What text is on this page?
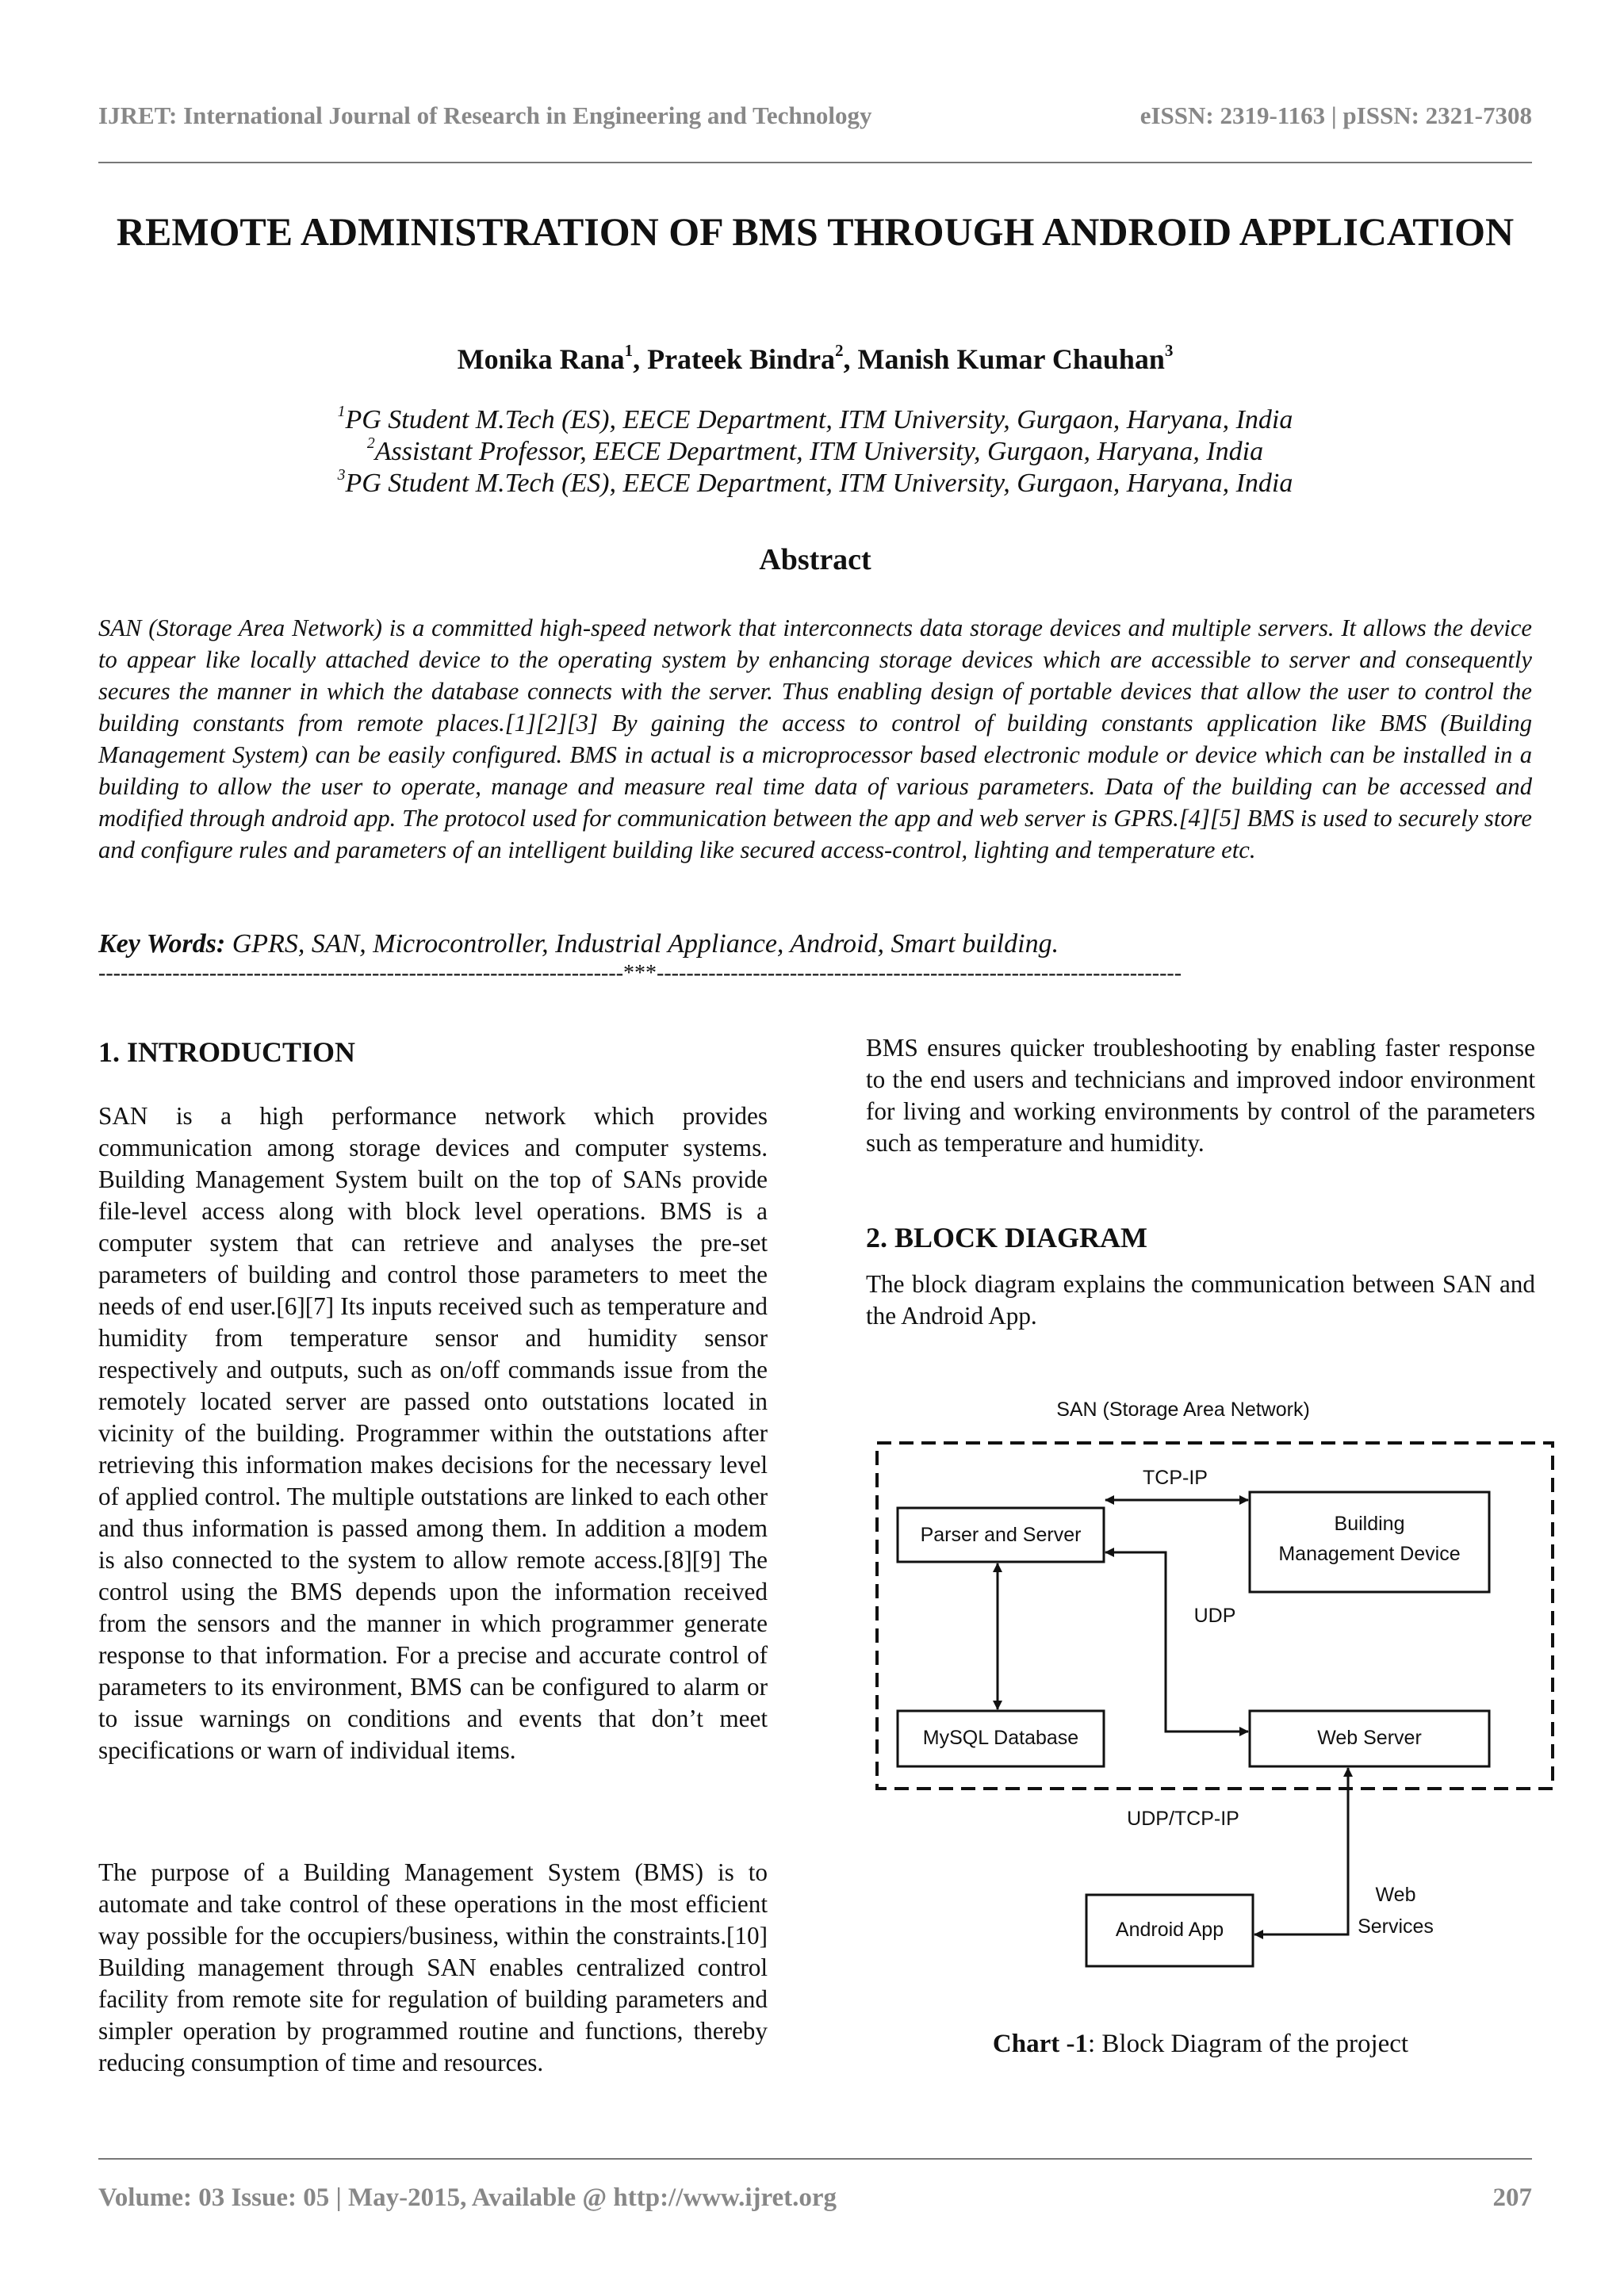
IJRET: International Journal of Research in Engineering and Technology	eISSN: 2319-1163 | pISSN: 2321-7308
REMOTE ADMINISTRATION OF BMS THROUGH ANDROID APPLICATION
Monika Rana$^1$, Prateek Bindra$^2$, Manish Kumar Chauhan$^3$
$^1$PG Student M.Tech (ES), EECE Department, ITM University, Gurgaon, Haryana, India
$^2$Assistant Professor, EECE Department, ITM University, Gurgaon, Haryana, India
$^3$PG Student M.Tech (ES), EECE Department, ITM University, Gurgaon, Haryana, India
Abstract
SAN (Storage Area Network) is a committed high-speed network that interconnects data storage devices and multiple servers. It allows the device to appear like locally attached device to the operating system by enhancing storage devices which are accessible to server and consequently secures the manner in which the database connects with the server. Thus enabling design of portable devices that allow the user to control the building constants from remote places.[1][2][3] By gaining the access to control of building constants application like BMS (Building Management System) can be easily configured. BMS in actual is a microprocessor based electronic module or device which can be installed in a building to allow the user to operate, manage and measure real time data of various parameters. Data of the building can be accessed and modified through android app. The protocol used for communication between the app and web server is GPRS.[4][5] BMS is used to securely store and configure rules and parameters of an intelligent building like secured access-control, lighting and temperature etc.
Key Words: GPRS, SAN, Microcontroller, Industrial Appliance, Android, Smart building.
-----------------------------------------------------------------------***-----------------------------------------------------------------------
1. INTRODUCTION
SAN is a high performance network which provides communication among storage devices and computer systems. Building Management System built on the top of SANs provide file-level access along with block level operations. BMS is a computer system that can retrieve and analyses the pre-set parameters of building and control those parameters to meet the needs of end user.[6][7] Its inputs received such as temperature and humidity from temperature sensor and humidity sensor respectively and outputs, such as on/off commands issue from the remotely located server are passed onto outstations located in vicinity of the building. Programmer within the outstations after retrieving this information makes decisions for the necessary level of applied control. The multiple outstations are linked to each other and thus information is passed among them. In addition a modem is also connected to the system to allow remote access.[8][9] The control using the BMS depends upon the information received from the sensors and the manner in which programmer generate response to that information. For a precise and accurate control of parameters to its environment, BMS can be configured to alarm or to issue warnings on conditions and events that don’t meet specifications or warn of individual items.
The purpose of a Building Management System (BMS) is to automate and take control of these operations in the most efficient way possible for the occupiers/business, within the constraints.[10] Building management through SAN enables centralized control facility from remote site for regulation of building parameters and simpler operation by programmed routine and functions, thereby reducing consumption of time and resources.
BMS ensures quicker troubleshooting by enabling faster response to the end users and technicians and improved indoor environment for living and working environments by control of the parameters such as temperature and humidity.
2. BLOCK DIAGRAM
The block diagram explains the communication between SAN and the Android App.
SAN (Storage Area Network)
TCP-IP
Parser and Server	Building
Management Device
UDP
MySQL Database	Web Server
UDP/TCP-IP
Android App
Web
Services
Chart -1: Block Diagram of the project
Volume: 03 Issue: 05 | May-2015, Available @ http://www.ijret.org	207
